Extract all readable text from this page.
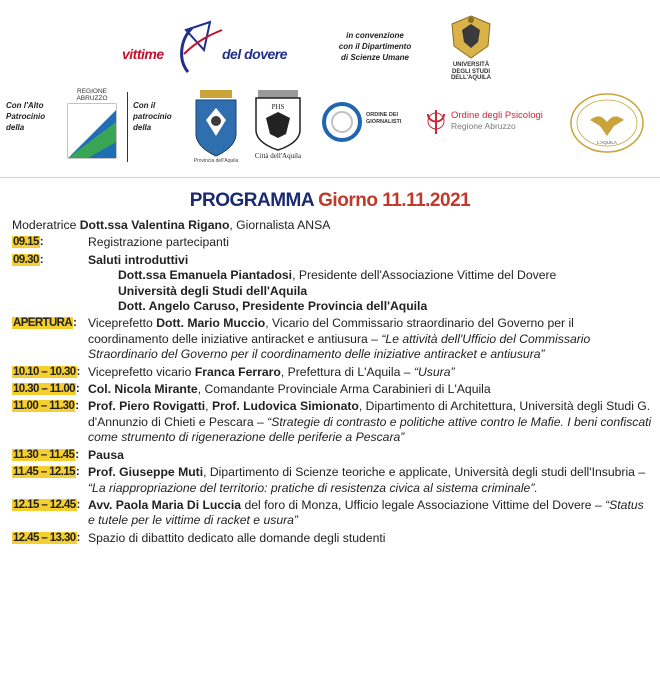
vittime	del dovere
in convenzione
con il Dipartimento
di Scienze Umane
UNIVERSITÀ
DEGLI STUDI
DELL'AQUILA
Con l'Alto
Patrocinio
della
REGIONE
ABRUZZO
Con il
patrocinio
della
Provincia dell'Aquila
PHS
Città dell'Aquila
ORDINE DEI
GIORNALISTI
Ordine degli Psicologi
Regione Abruzzo
L'AQUILA
PROGRAMMA Giorno 11.11.2021
Moderatrice Dott.ssa Valentina Rigano, Giornalista ANSA
09.15:	Registrazione partecipanti
09.30:	Saluti introduttivi
Dott.ssa Emanuela Piantadosi, Presidente dell'Associazione Vittime del Dovere
Università degli Studi dell'Aquila
Dott. Angelo Caruso, Presidente Provincia dell'Aquila
APERTURA: Viceprefetto Dott. Mario Muccio, Vicario del Commissario straordinario del Governo per il coordinamento delle iniziative antiracket e antiusura – “Le attività dell'Ufficio del Commissario Straordinario del Governo per il coordinamento delle iniziative antiracket e antiusura”
10.10 – 10.30: Viceprefetto vicario Franca Ferraro, Prefettura di L'Aquila – “Usura”
10.30 – 11.00: Col. Nicola Mirante, Comandante Provinciale Arma Carabinieri di L'Aquila
11.00 – 11.30: Prof. Piero Rovigatti, Prof. Ludovica Simionato, Dipartimento di Architettura, Università degli Studi G. d'Annunzio di Chieti e Pescara – “Strategie di contrasto e politiche attive contro le Mafie. I beni confiscati come strumento di rigenerazione delle periferie a Pescara”
11.30 – 11.45: Pausa
11.45 – 12.15: Prof. Giuseppe Muti, Dipartimento di Scienze teoriche e applicate, Università degli studi dell'Insubria – “La riappropriazione del territorio: pratiche di resistenza civica al sistema criminale”.
12.15 – 12.45: Avv. Paola Maria Di Luccia del foro di Monza, Ufficio legale Associazione Vittime del Dovere – “Status e tutele per le vittime di racket e usura”
12.45 – 13.30: Spazio di dibattito dedicato alle domande degli studenti
